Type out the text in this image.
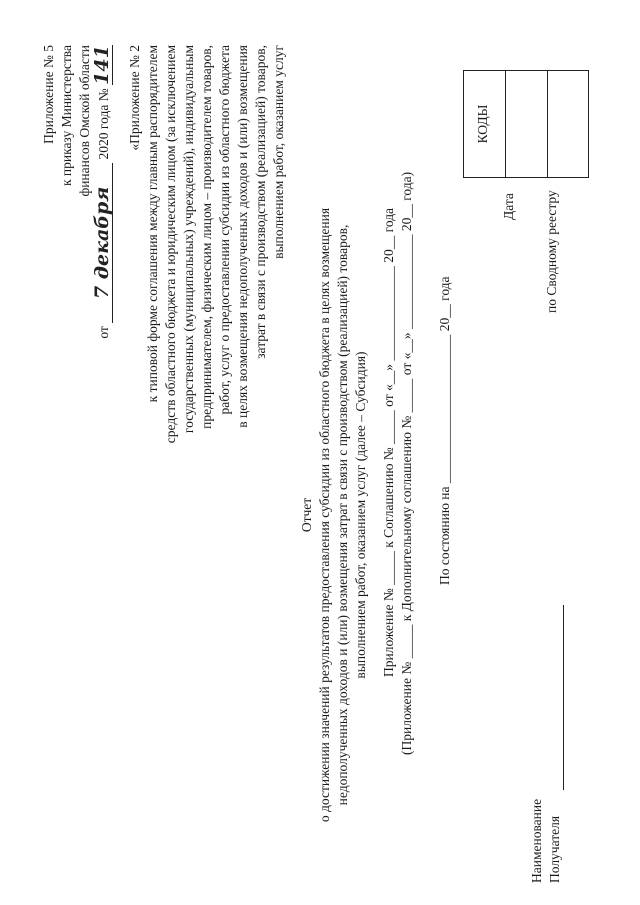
Приложение № 5 к приказу Министерства финансов Омской области
от 7 декабря 2020 года № 141 «Приложение № 2 к типовой форме соглашения между главным распорядителем средств областного бюджета и юридическим лицом (за исключением государственных (муниципальных) учреждений), индивидуальным предпринимателем, физическим лицом – производителем товаров, работ, услуг о предоставлении субсидии из областного бюджета в целях возмещения недополученных доходов и (или) возмещения затрат в связи с производством (реализацией) товаров, выполнением работ, оказанием услуг
Отчет о достижении значений результатов предоставления субсидии из областного бюджета в целях возмещения недополученных доходов и (или) возмещения затрат в связи с производством (реализацией) товаров, выполнением работ, оказанием услуг (далее – Субсидия) Приложение № _____ к Соглашению № _____ от «__» ______________ 20__ года (Приложение № _____ к Дополнительному соглашению № _____ от «__» ______________ 20__ года) По состоянию на ______________________ 20__ года
КОДЫ
Дата по Сводному реестру
Наименование Получателя
